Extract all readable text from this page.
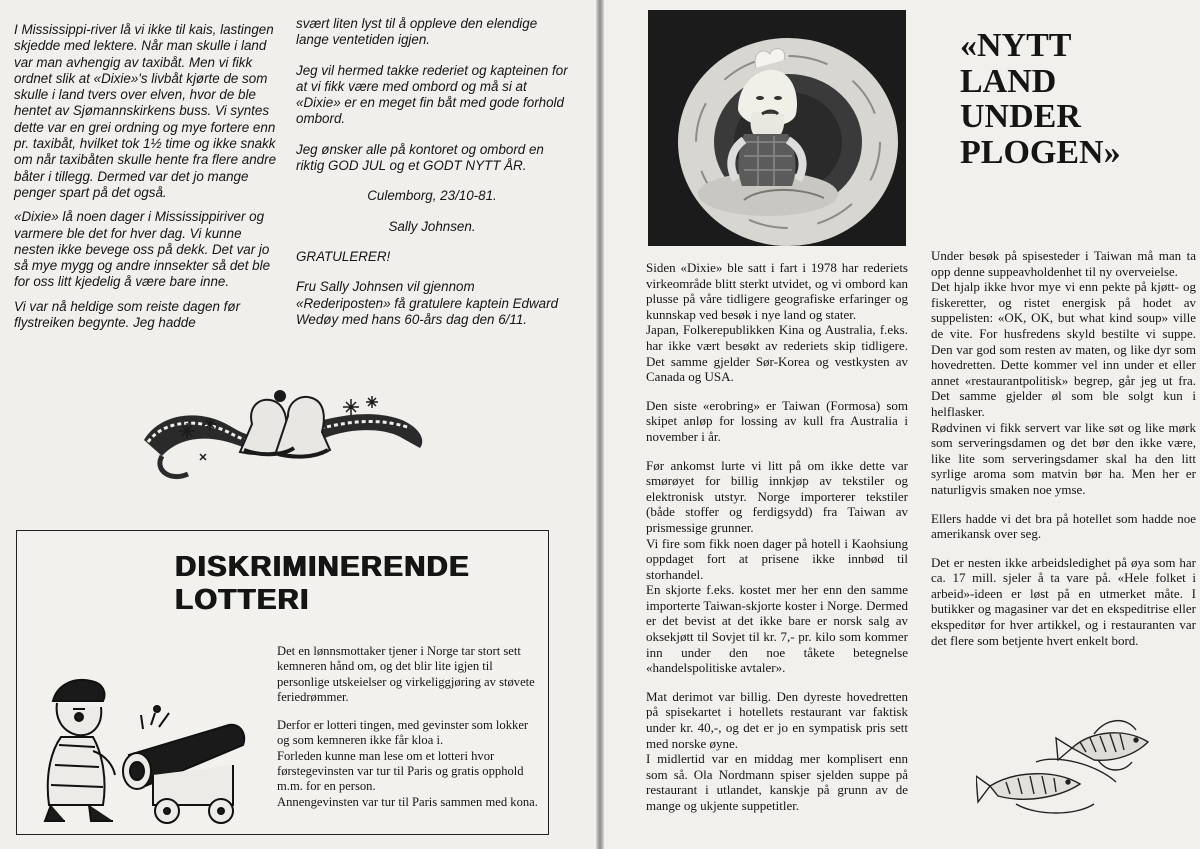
I Mississippi-river lå vi ikke til kais, lastingen skjedde med lektere. Når man skulle i land var man avhengig av taxibåt. Men vi fikk ordnet slik at «Dixie»'s livbåt kjørte de som skulle i land tvers over elven, hvor de ble hentet av Sjømannskirkens buss. Vi syntes dette var en grei ordning og mye fortere enn pr. taxibåt, hvilket tok 1½ time og ikke snakk om når taxibåten skulle hente fra flere andre båter i tillegg. Dermed var det jo mange penger spart på det også.

«Dixie» lå noen dager i Mississippiriver og varmere ble det for hver dag. Vi kunne nesten ikke bevege oss på dekk. Det var jo så mye mygg og andre innsekter så det ble for oss litt kjedelig å være bare inne.

Vi var nå heldige som reiste dagen før flystreiken begynte. Jeg hadde

svært liten lyst til å oppleve den elendige lange ventetiden igjen.

Jeg vil hermed takke rederiet og kapteinen for at vi fikk være med ombord og må si at «Dixie» er en meget fin båt med gode forhold ombord.

Jeg ønsker alle på kontoret og ombord en riktig GOD JUL og et GODT NYTT ÅR.

Culemborg, 23/10-81.

Sally Johnsen.

GRATULERER!

Fru Sally Johnsen vil gjennom «Rederiposten» få gratulere kaptein Edward Wedøy med hans 60-års dag den 6/11.

DISKRIMINERENDE
LOTTERI

Det en lønnsmottaker tjener i Norge tar stort sett kemneren hånd om, og det blir lite igjen til personlige utskeielser og virkeliggjøring av støvete feriedrømmer.

Derfor er lotteri tingen, med gevinster som lokker og som kemneren ikke får kloa i.

Forleden kunne man lese om et lotteri hvor førstegevinsten var tur til Paris og gratis opphold m.m. for en person.

Annengevinsten var tur til Paris sammen med kona.

«NYTT LAND UNDER PLOGEN»

Siden «Dixie» ble satt i fart i 1978 har rederiets virkeområde blitt sterkt utvidet, og vi ombord kan plusse på våre tidligere geografiske erfaringer og kunnskap ved besøk i nye land og stater.

Japan, Folkerepublikken Kina og Australia, f.eks. har ikke vært besøkt av rederiets skip tidligere. Det samme gjelder Sør-Korea og vestkysten av Canada og USA.

Den siste «erobring» er Taiwan (Formosa) som skipet anløp for lossing av kull fra Australia i november i år.

Før ankomst lurte vi litt på om ikke dette var smørøyet for billig innkjøp av tekstiler og elektronisk utstyr. Norge importerer tekstiler (både stoffer og ferdigsydd) fra Taiwan av prismessige grunner.

Vi fire som fikk noen dager på hotell i Kaohsiung oppdaget fort at prisene ikke innbød til storhandel.

En skjorte f.eks. kostet mer her enn den samme importerte Taiwan-skjorte koster i Norge. Dermed er det bevist at det ikke bare er norsk salg av oksekjøtt til Sovjet til kr. 7,- pr. kilo som kommer inn under den noe tåkete betegnelse «handelspolitiske avtaler».

Mat derimot var billig. Den dyreste hovedretten på spisekartet i hotellets restaurant var faktisk under kr. 40,-, og det er jo en sympatisk pris sett med norske øyne.

I midlertid var en middag mer komplisert enn som så. Ola Nordmann spiser sjelden suppe på restaurant i utlandet, kanskje på grunn av de mange og ukjente suppetitler.

Under besøk på spisesteder i Taiwan må man ta opp denne suppeavholdenhet til ny overveielse.

Det hjalp ikke hvor mye vi enn pekte på kjøtt- og fiskeretter, og ristet energisk på hodet av suppelisten: «OK, OK, but what kind soup» ville de vite. For husfredens skyld bestilte vi suppe. Den var god som resten av maten, og like dyr som hovedretten. Dette kommer vel inn under et eller annet «restaurantpolitisk» begrep, går jeg ut fra. Det samme gjelder øl som ble solgt kun i helflasker.

Rødvinen vi fikk servert var like søt og like mørk som serveringsdamen og det bør den ikke være, like lite som serveringsdamer skal ha den litt syrlige aroma som matvin bør ha. Men her er naturligvis smaken noe ymse.

Ellers hadde vi det bra på hotellet som hadde noe amerikansk over seg.

Det er nesten ikke arbeidsledighet på øya som har ca. 17 mill. sjeler å ta vare på. «Hele folket i arbeid»-ideen er løst på en utmerket måte. I butikker og magasiner var det en ekspeditrise eller ekspeditør for hver artikkel, og i restauranten var det flere som betjente hvert enkelt bord.
